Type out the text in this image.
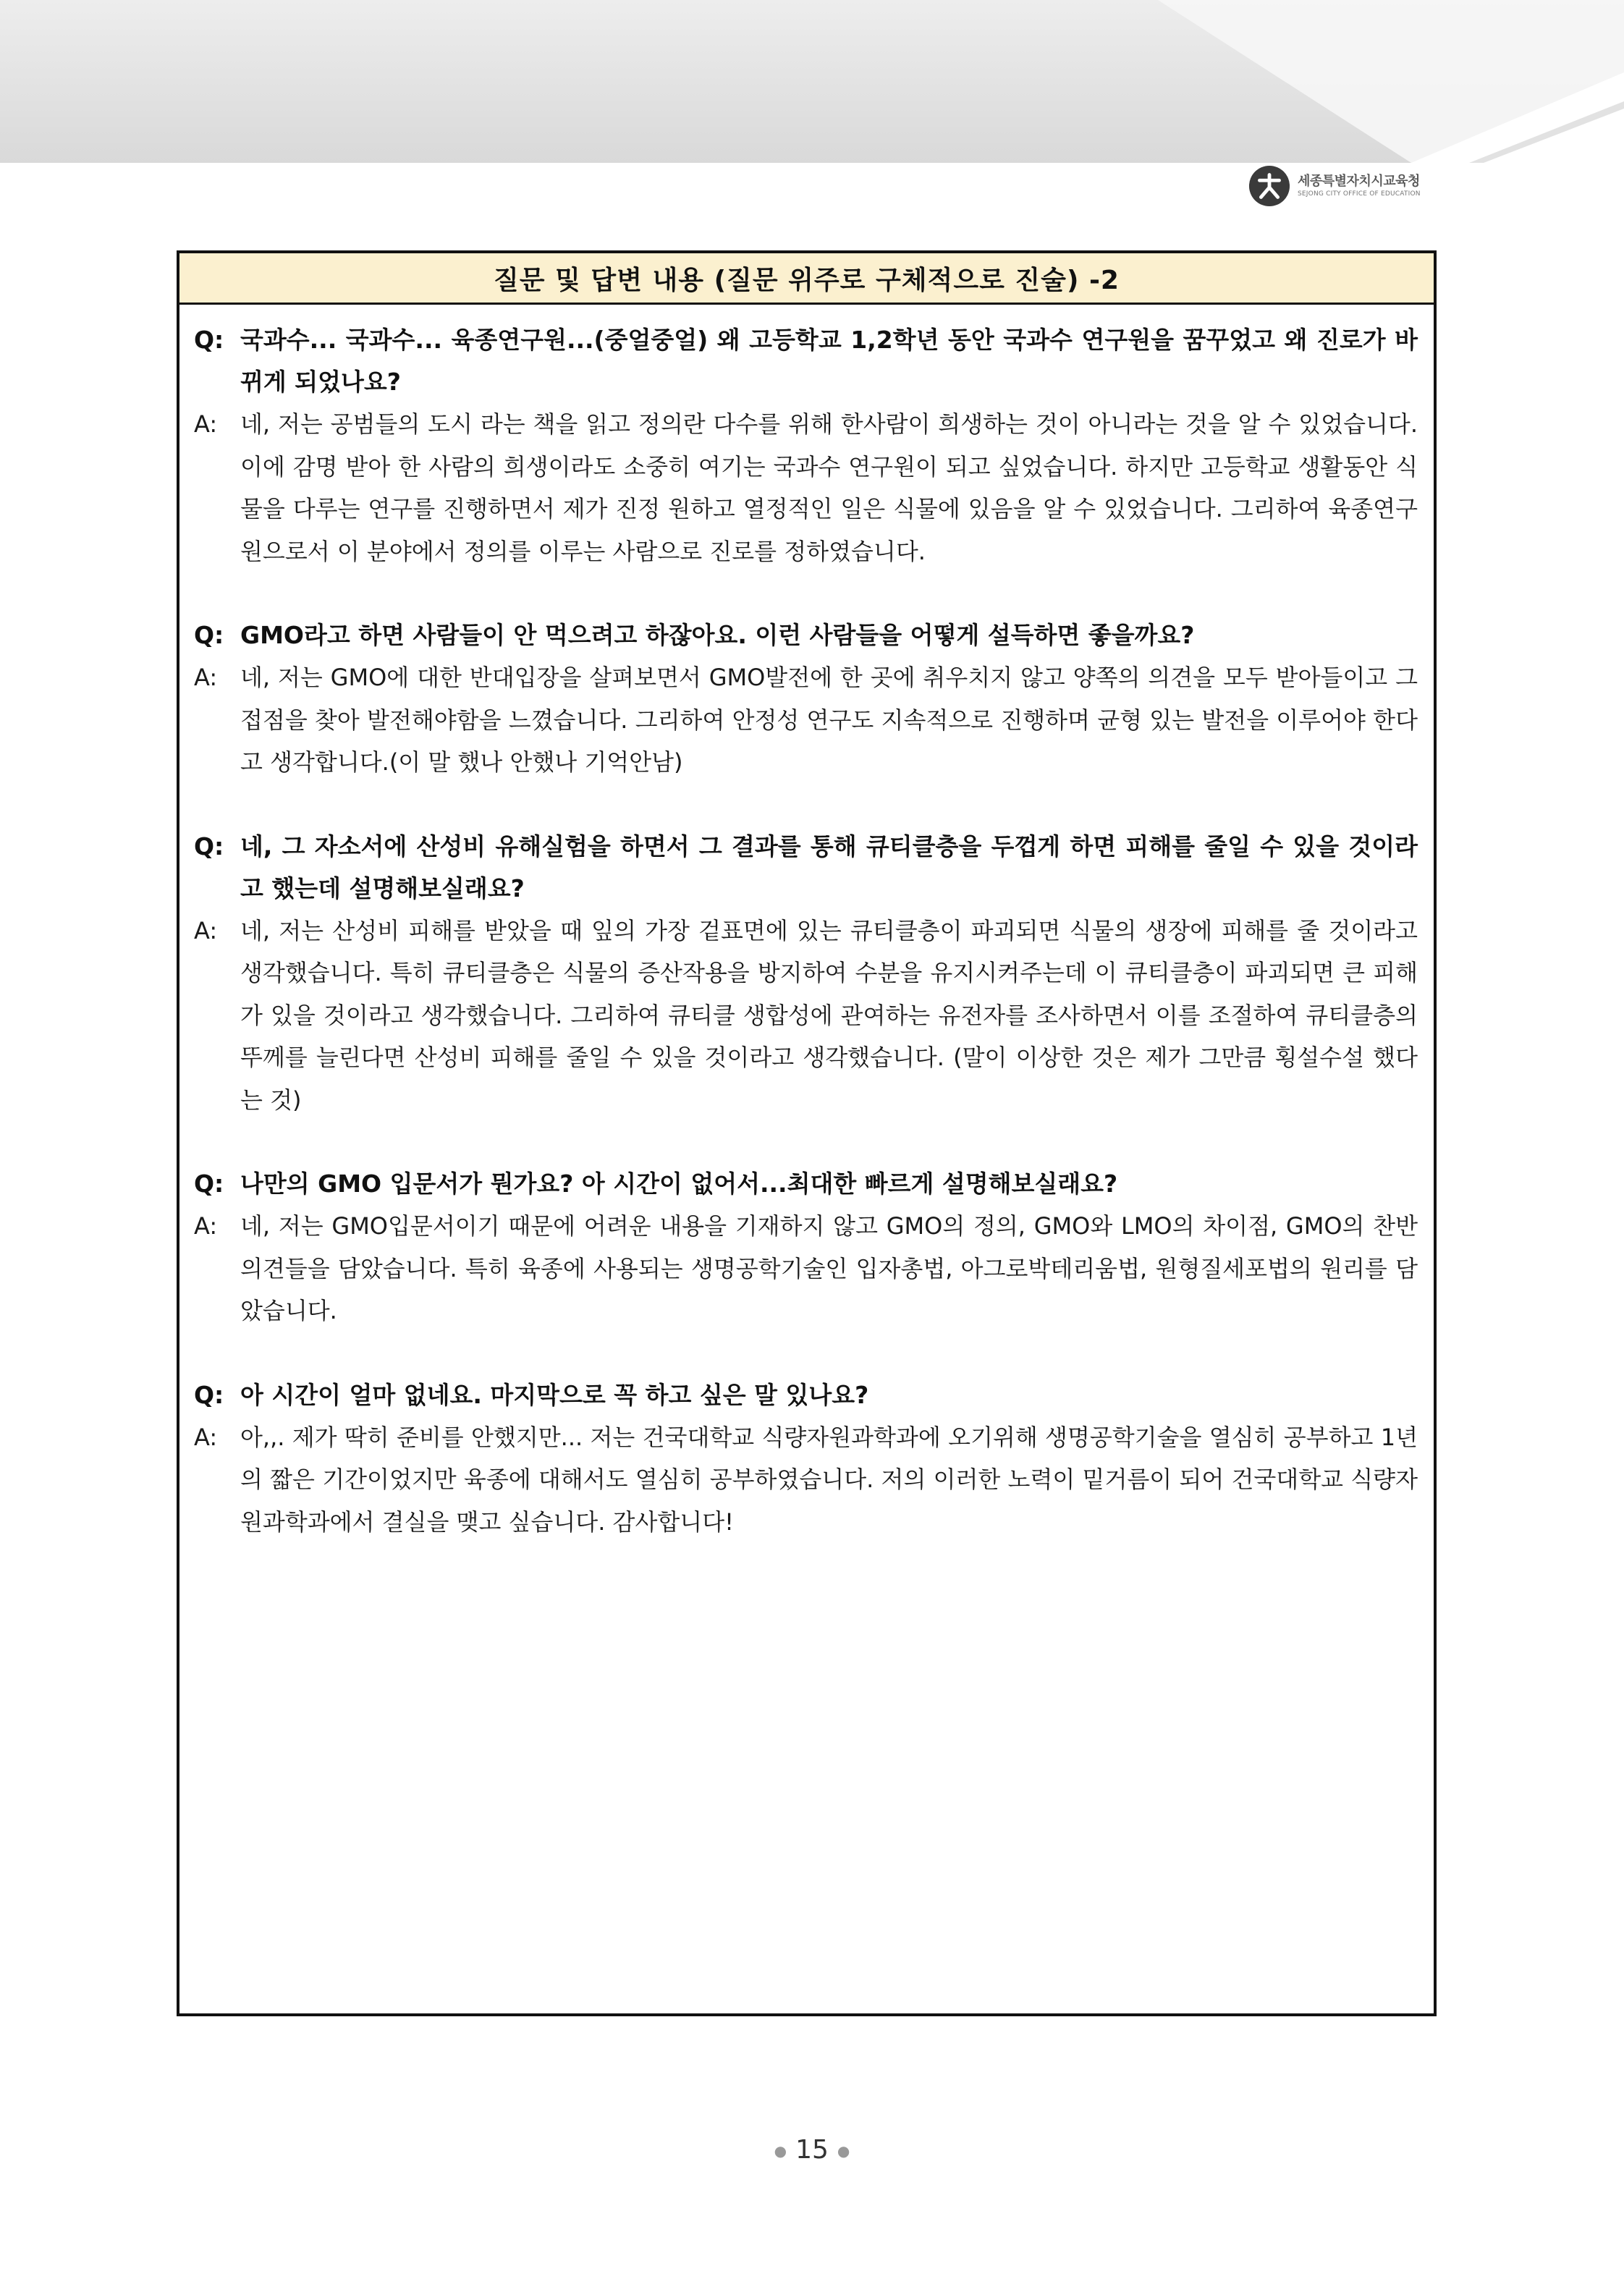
세종특별자치시교육청
SEJONG CITY OFFICE OF EDUCATION
질문 및 답변 내용 (질문 위주로 구체적으로 진술) -2
Q: 국과수... 국과수... 육종연구원...(중얼중얼) 왜 고등학교 1,2학년 동안 국과수 연구원을 꿈꾸었고 왜 진로가 바뀌게 되었나요?
A: 네, 저는 공범들의 도시 라는 책을 읽고 정의란 다수를 위해 한사람이 희생하는 것이 아니라는 것을 알 수 있었습니다. 이에 감명 받아 한 사람의 희생이라도 소중히 여기는 국과수 연구원이 되고 싶었습니다. 하지만 고등학교 생활동안 식물을 다루는 연구를 진행하면서 제가 진정 원하고 열정적인 일은 식물에 있음을 알 수 있었습니다. 그리하여 육종연구원으로서 이 분야에서 정의를 이루는 사람으로 진로를 정하였습니다.
Q: GMO라고 하면 사람들이 안 먹으려고 하잖아요. 이런 사람들을 어떻게 설득하면 좋을까요?
A: 네, 저는 GMO에 대한 반대입장을 살펴보면서 GMO발전에 한 곳에 취우치지 않고 양쪽의 의견을 모두 받아들이고 그 접점을 찾아 발전해야함을 느꼈습니다. 그리하여 안정성 연구도 지속적으로 진행하며 균형 있는 발전을 이루어야 한다고 생각합니다.(이 말 했나 안했나 기억안남)
Q: 네, 그 자소서에 산성비 유해실험을 하면서 그 결과를 통해 큐티클층을 두껍게 하면 피해를 줄일 수 있을 것이라고 했는데 설명해보실래요?
A: 네, 저는 산성비 피해를 받았을 때 잎의 가장 겉표면에 있는 큐티클층이 파괴되면 식물의 생장에 피해를 줄 것이라고 생각했습니다. 특히 큐티클층은 식물의 증산작용을 방지하여 수분을 유지시켜주는데 이 큐티클층이 파괴되면 큰 피해가 있을 것이라고 생각했습니다. 그리하여 큐티클 생합성에 관여하는 유전자를 조사하면서 이를 조절하여 큐티클층의 뚜께를 늘린다면 산성비 피해를 줄일 수 있을 것이라고 생각했습니다. (말이 이상한 것은 제가 그만큼 횡설수설 했다는 것)
Q: 나만의 GMO 입문서가 뭔가요? 아 시간이 없어서...최대한 빠르게 설명해보실래요?
A: 네, 저는 GMO입문서이기 때문에 어려운 내용을 기재하지 않고 GMO의 정의, GMO와 LMO의 차이점, GMO의 찬반의견들을 담았습니다. 특히 육종에 사용되는 생명공학기술인 입자총법, 아그로박테리움법, 원형질세포법의 원리를 담았습니다.
Q: 아 시간이 얼마 없네요. 마지막으로 꼭 하고 싶은 말 있나요?
A: 아,,. 제가 딱히 준비를 안했지만... 저는 건국대학교 식량자원과학과에 오기위해 생명공학기술을 열심히 공부하고 1년의 짧은 기간이었지만 육종에 대해서도 열심히 공부하였습니다. 저의 이러한 노력이 밑거름이 되어 건국대학교 식량자원과학과에서 결실을 맺고 싶습니다. 감사합니다!
● 15 ●
